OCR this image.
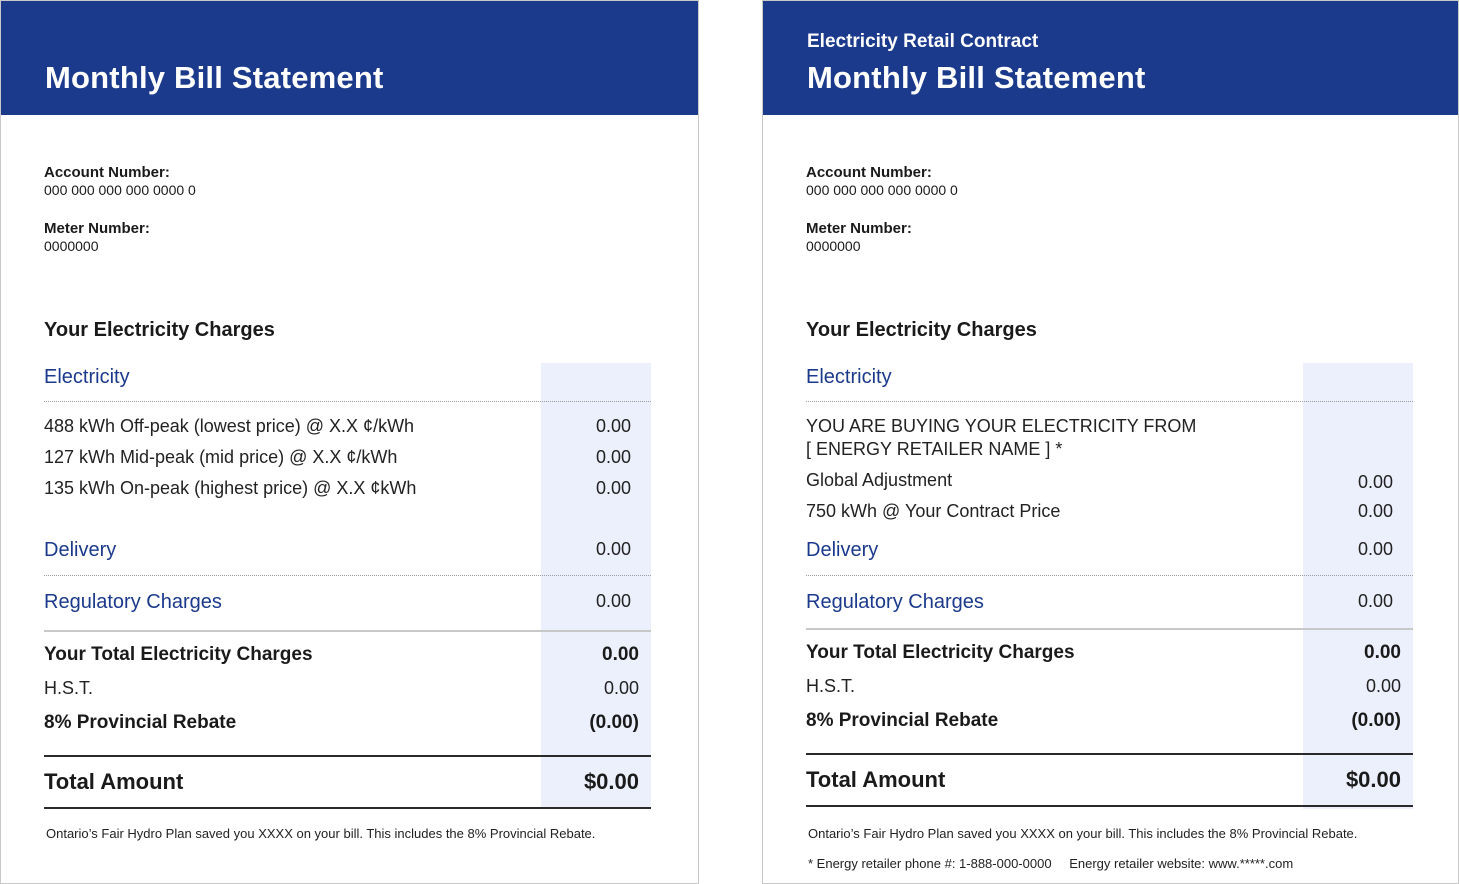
Monthly Bill Statement
Account Number:
000 000 000 000 0000 0
Meter Number:
0000000
Your Electricity Charges
Electricity
488 kWh Off-peak (lowest price) @ X.X ¢/kWh	0.00
127 kWh Mid-peak (mid price) @ X.X ¢/kWh	0.00
135 kWh On-peak (highest price) @ X.X ¢kWh	0.00
Delivery	0.00
Regulatory Charges	0.00
Your Total Electricity Charges	0.00
H.S.T.	0.00
8% Provincial Rebate	(0.00)
Total Amount	$0.00
Ontario’s Fair Hydro Plan saved you XXXX on your bill. This includes the 8% Provincial Rebate.
Electricity Retail Contract
Monthly Bill Statement
Account Number:
000 000 000 000 0000 0
Meter Number:
0000000
Your Electricity Charges
Electricity
YOU ARE BUYING YOUR ELECTRICITY FROM
[ ENERGY RETAILER NAME ] *
Global Adjustment	0.00
750 kWh @ Your Contract Price	0.00
Delivery	0.00
Regulatory Charges	0.00
Your Total Electricity Charges	0.00
H.S.T.	0.00
8% Provincial Rebate	(0.00)
Total Amount	$0.00
Ontario’s Fair Hydro Plan saved you XXXX on your bill. This includes the 8% Provincial Rebate.
* Energy retailer phone #: 1-888-000-0000 Energy retailer website: www.*****.com
